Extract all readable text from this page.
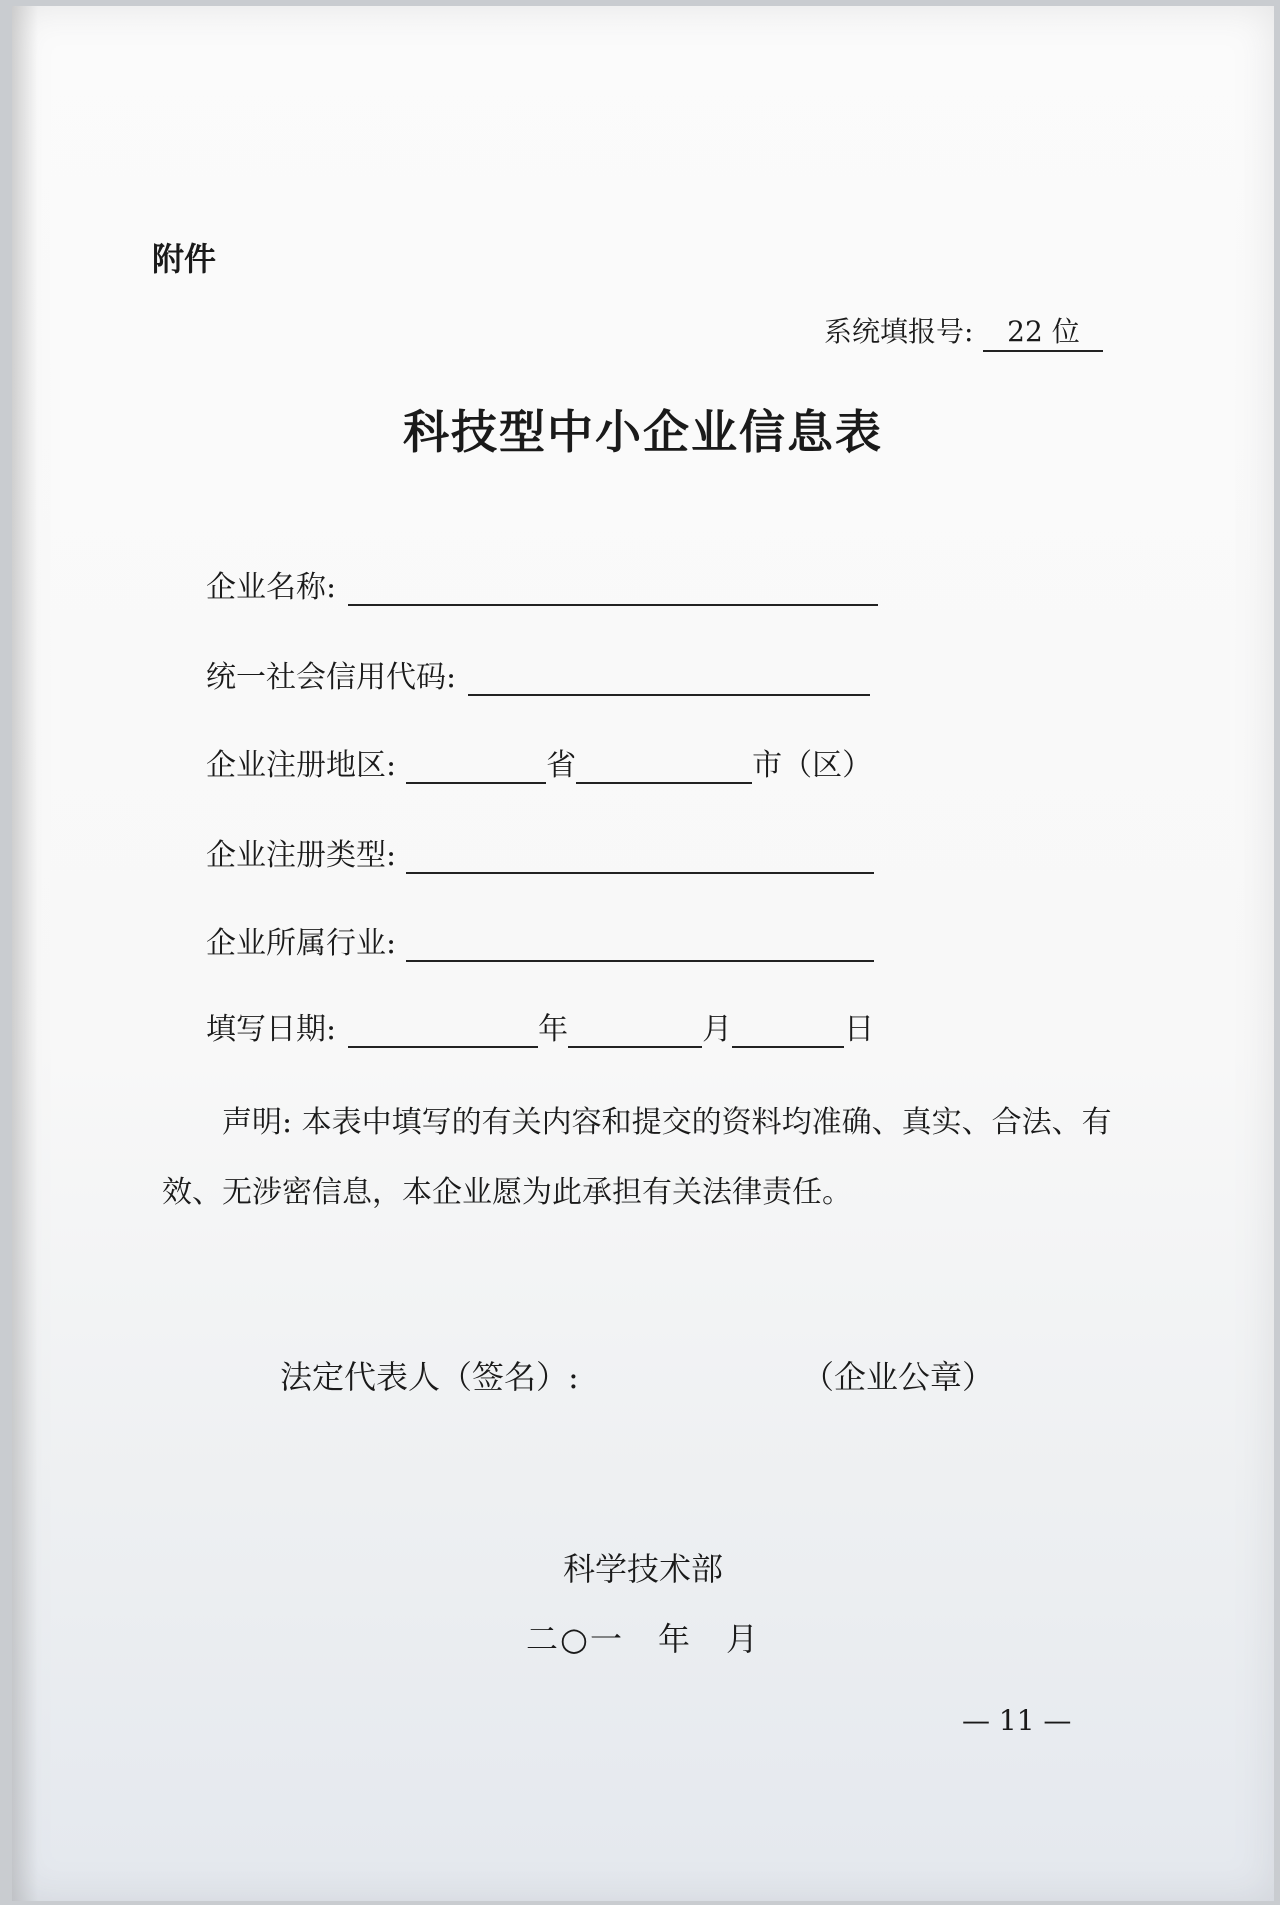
附件
系统填报号: 22 位
科技型中小企业信息表
企业名称:
统一社会信用代码:
企业注册地区:	省	市（区）
企业注册类型:
企业所属行业:
填写日期:	年	月	日
声明: 本表中填写的有关内容和提交的资料均准确、真实、合法、有效、无涉密信息，本企业愿为此承担有关法律责任。
法定代表人（签名）:	（企业公章）
科学技术部
二○一　年　月
— 11 —
